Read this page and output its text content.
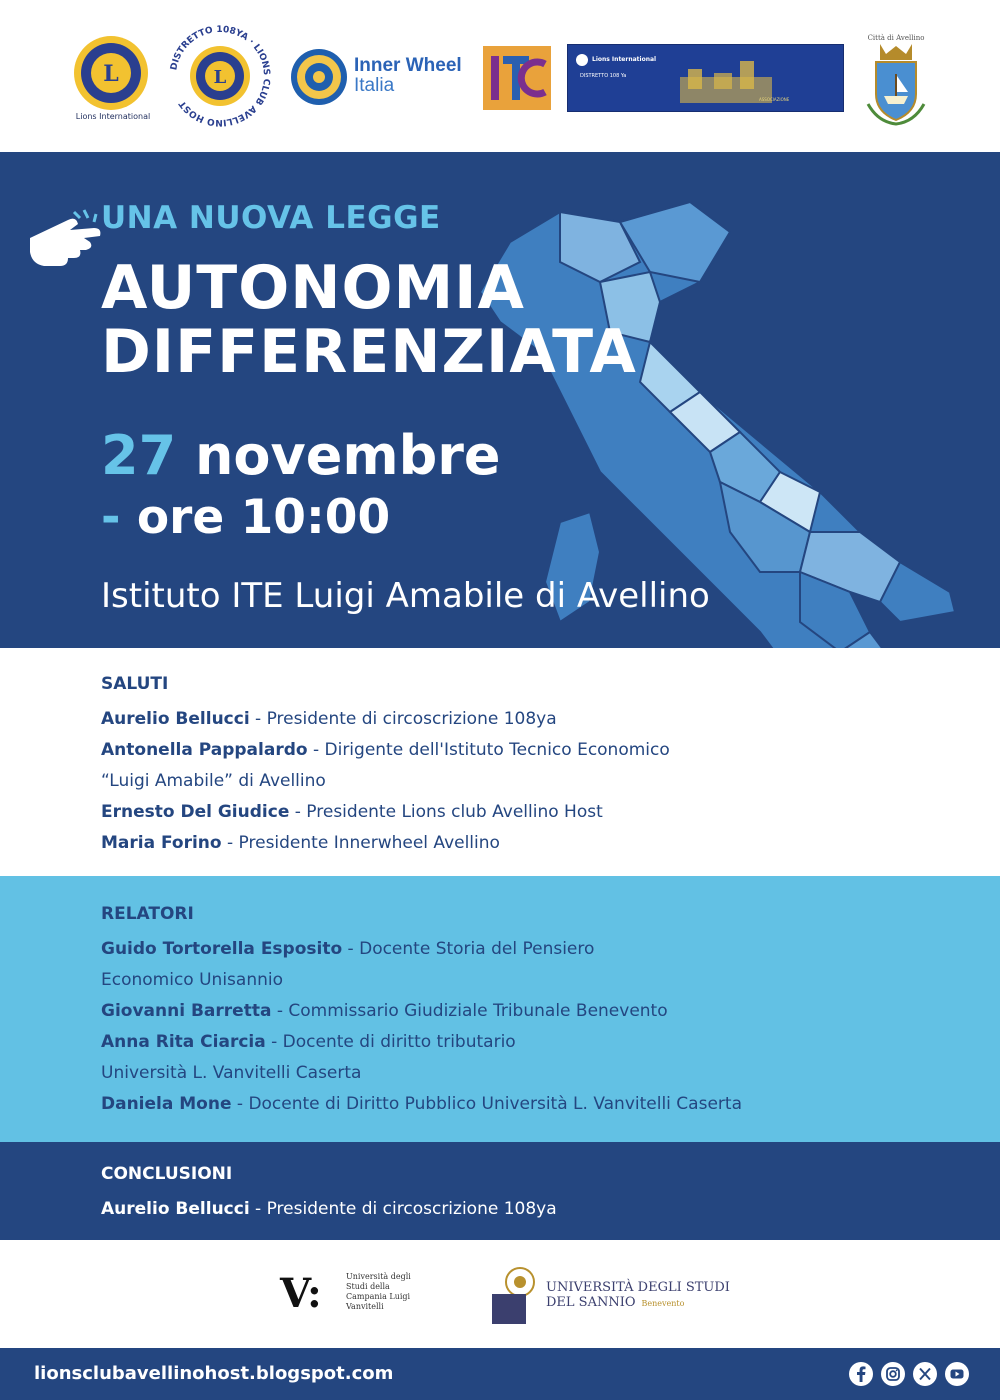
L
Lions International
DISTRETTO 108YA · LIONS CLUB AVELLINO HOST
L
Inner Wheel
Italia
Lions International
DISTRETTO 108 Ya
ASSOCIAZIONE
Città di Avellino
UNA NUOVA LEGGE
AUTONOMIA
DIFFERENZIATA
27 novembre
- ore 10:00
Istituto ITE Luigi Amabile di Avellino
SALUTI
Aurelio Bellucci - Presidente di circoscrizione 108ya
Antonella Pappalardo - Dirigente dell'Istituto Tecnico Economico
“Luigi Amabile” di Avellino
Ernesto Del Giudice - Presidente Lions club Avellino Host
Maria Forino - Presidente Innerwheel Avellino
RELATORI
Guido Tortorella Esposito - Docente Storia del Pensiero
Economico Unisannio
Giovanni Barretta - Commissario Giudiziale Tribunale Benevento
Anna Rita Ciarcia - Docente di diritto tributario
Università L. Vanvitelli Caserta
Daniela Mone - Docente di Diritto Pubblico Università L. Vanvitelli Caserta
CONCLUSIONI
Aurelio Bellucci - Presidente di circoscrizione 108ya
V:	Università degli Studi della Campania Luigi Vanvitelli
UNIVERSITÀ DEGLI STUDI
DEL SANNIO Benevento
lionsclubavellinohost.blogspot.com
